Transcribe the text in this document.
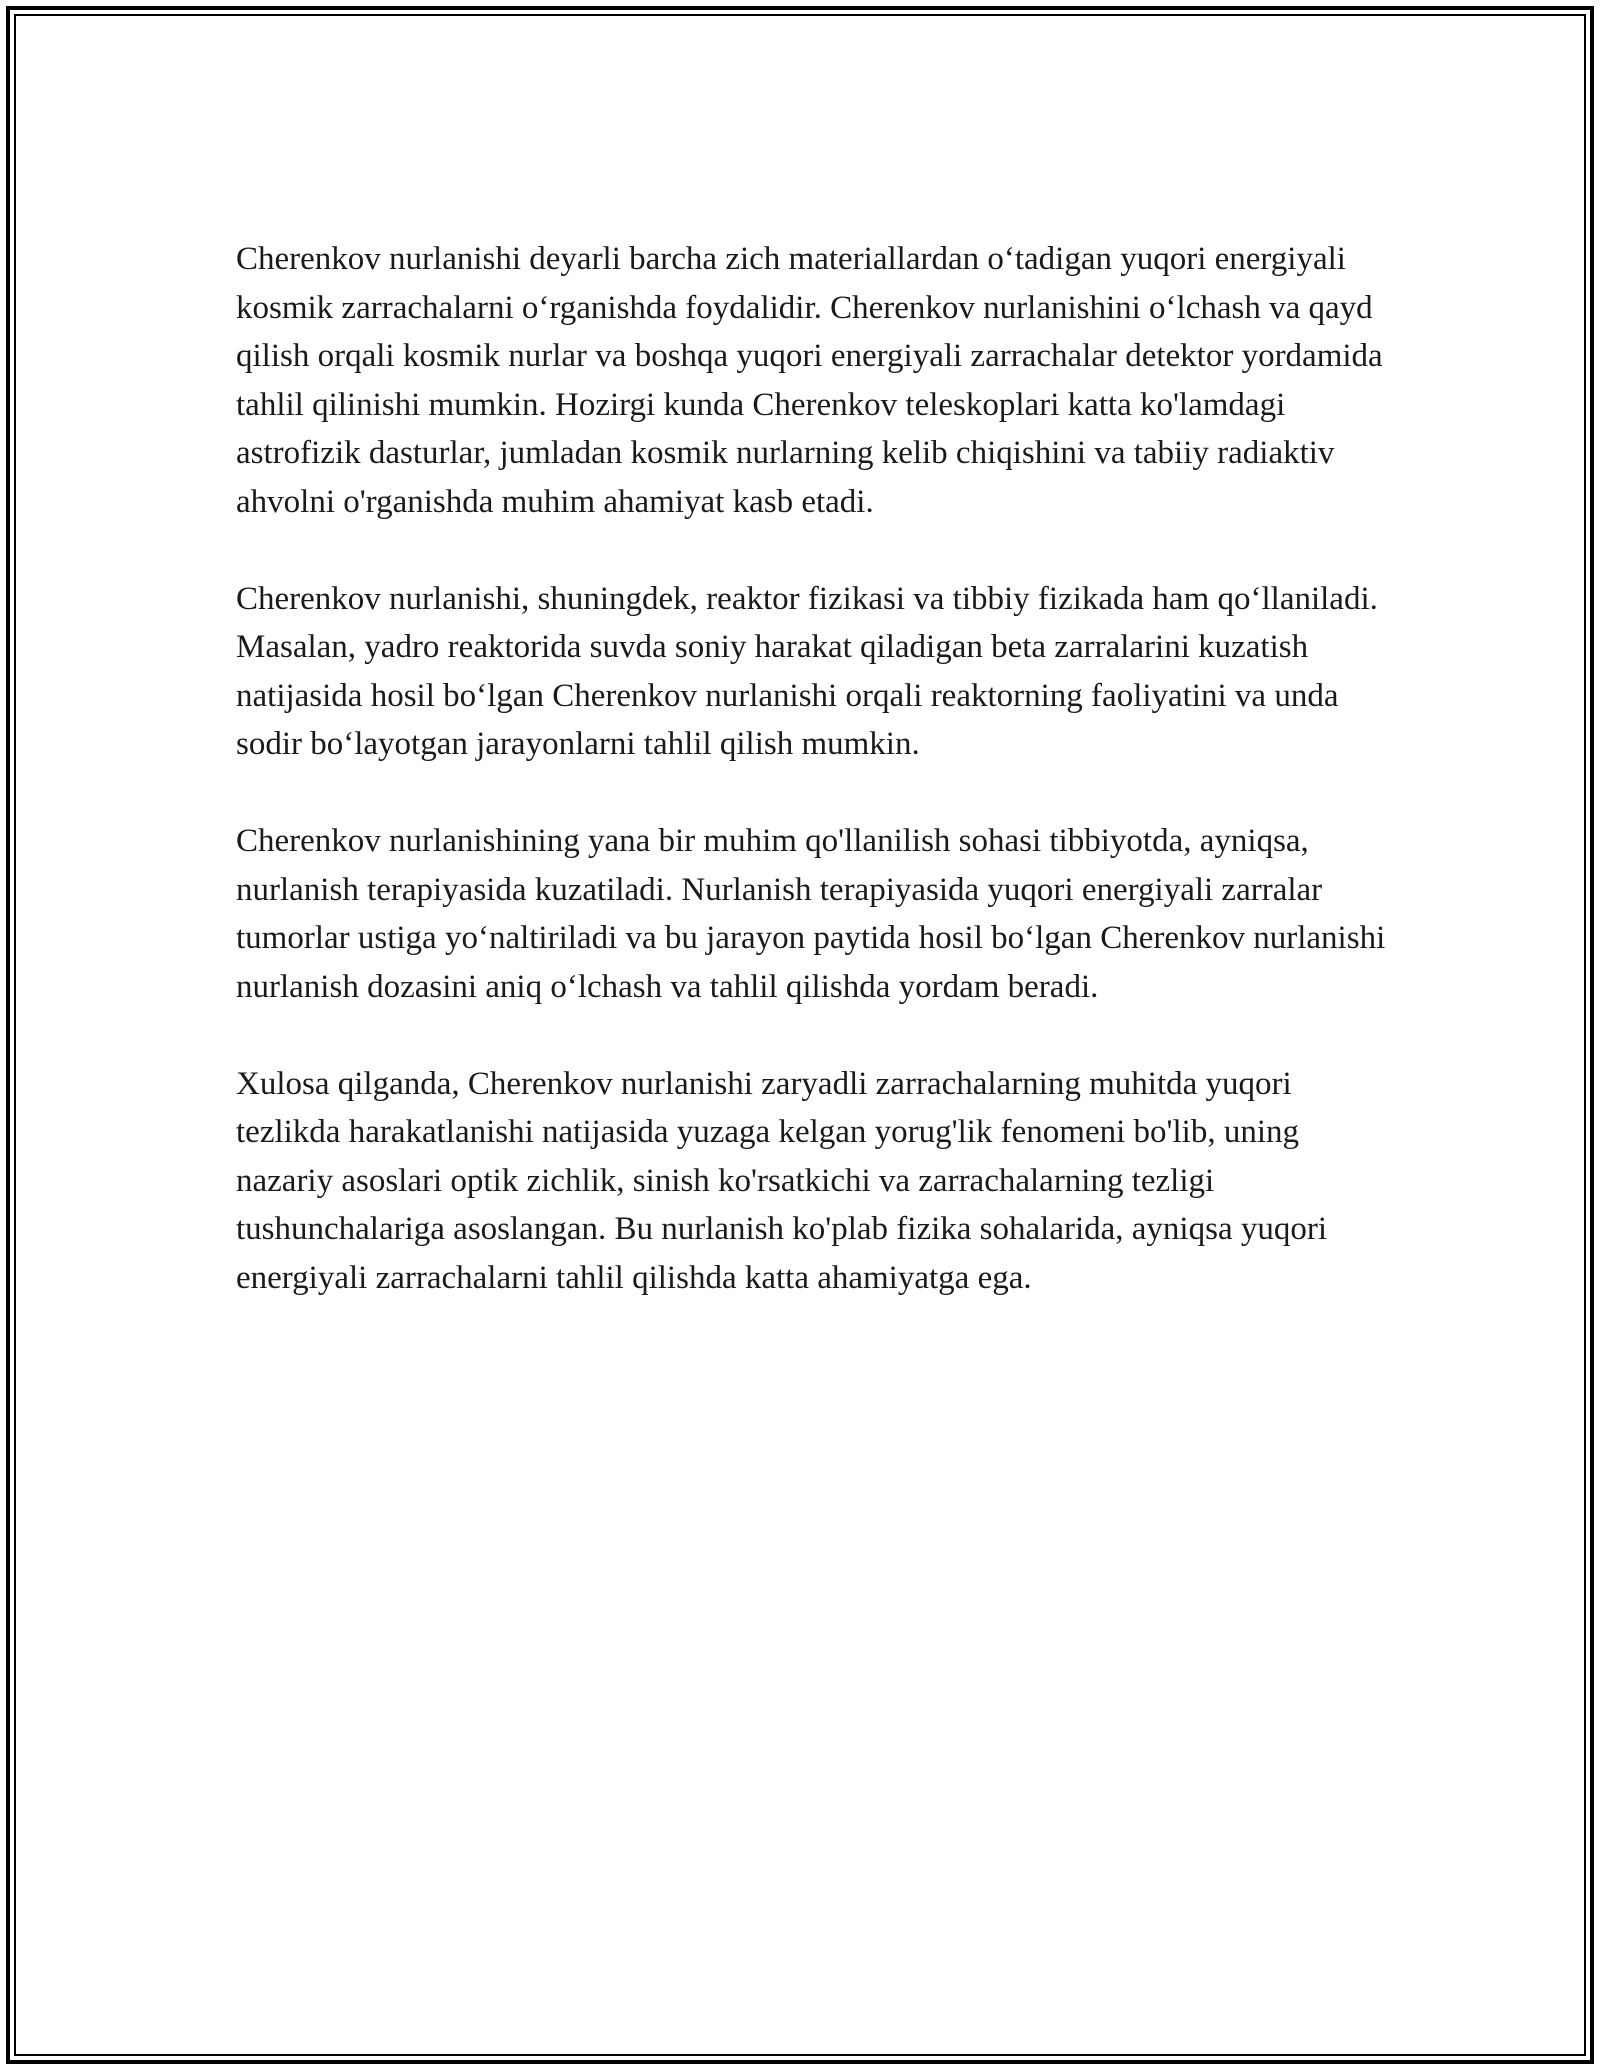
Cherenkov nurlanishi deyarli barcha zich materiallardan o‘tadigan yuqori energiyali kosmik zarrachalarni o‘rganishda foydalidir. Cherenkov nurlanishini o‘lchash va qayd qilish orqali kosmik nurlar va boshqa yuqori energiyali zarrachalar detektor yordamida tahlil qilinishi mumkin. Hozirgi kunda Cherenkov teleskoplari katta ko'lamdagi astrofizik dasturlar, jumladan kosmik nurlarning kelib chiqishini va tabiiy radiaktiv ahvolni o'rganishda muhim ahamiyat kasb etadi.

Cherenkov nurlanishi, shuningdek, reaktor fizikasi va tibbiy fizikada ham qo‘llaniladi. Masalan, yadro reaktorida suvda soniy harakat qiladigan beta zarralarini kuzatish natijasida hosil bo‘lgan Cherenkov nurlanishi orqali reaktorning faoliyatini va unda sodir bo‘layotgan jarayonlarni tahlil qilish mumkin.

Cherenkov nurlanishining yana bir muhim qo'llanilish sohasi tibbiyotda, ayniqsa, nurlanish terapiyasida kuzatiladi. Nurlanish terapiyasida yuqori energiyali zarralar tumorlar ustiga yo‘naltiriladi va bu jarayon paytida hosil bo‘lgan Cherenkov nurlanishi nurlanish dozasini aniq o‘lchash va tahlil qilishda yordam beradi.

Xulosa qilganda, Cherenkov nurlanishi zaryadli zarrachalarning muhitda yuqori tezlikda harakatlanishi natijasida yuzaga kelgan yorug'lik fenomeni bo'lib, uning nazariy asoslari optik zichlik, sinish ko'rsatkichi va zarrachalarning tezligi tushunchalariga asoslangan. Bu nurlanish ko'plab fizika sohalarida, ayniqsa yuqori energiyali zarrachalarni tahlil qilishda katta ahamiyatga ega.
